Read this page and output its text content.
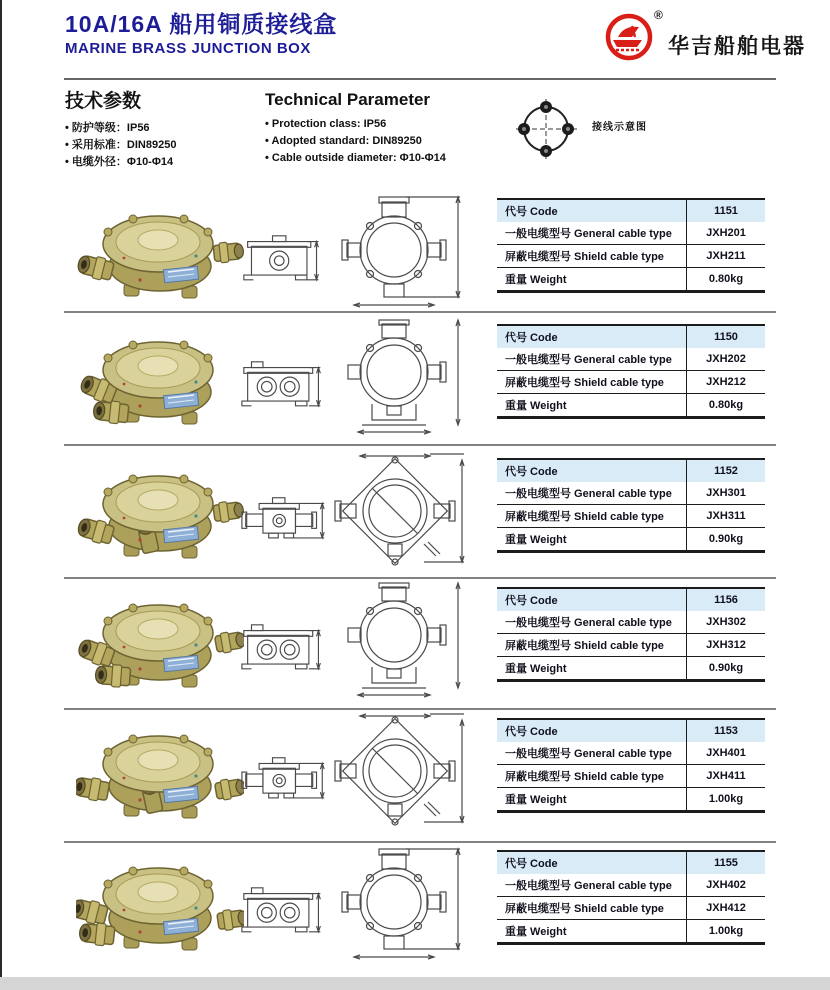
10A/16A 船用铜质接线盒
MARINE BRASS JUNCTION BOX
®
华吉船舶电器
技术参数
• 防护等级：IP56
• 采用标准：DIN89250
• 电缆外径：Φ10-Φ14
Technical Parameter
• Protection class: IP56
• Adopted standard: DIN89250
• Cable outside diameter: Φ10-Φ14
接线示意图
代号 Code	1151
一般电缆型号 General cable type	JXH201
屏蔽电缆型号 Shield cable type	JXH211
重量 Weight	0.80kg
代号 Code	1150
一般电缆型号 General cable type	JXH202
屏蔽电缆型号 Shield cable type	JXH212
重量 Weight	0.80kg
代号 Code	1152
一般电缆型号 General cable type	JXH301
屏蔽电缆型号 Shield cable type	JXH311
重量 Weight	0.90kg
代号 Code	1156
一般电缆型号 General cable type	JXH302
屏蔽电缆型号 Shield cable type	JXH312
重量 Weight	0.90kg
代号 Code	1153
一般电缆型号 General cable type	JXH401
屏蔽电缆型号 Shield cable type	JXH411
重量 Weight	1.00kg
代号 Code	1155
一般电缆型号 General cable type	JXH402
屏蔽电缆型号 Shield cable type	JXH412
重量 Weight	1.00kg
